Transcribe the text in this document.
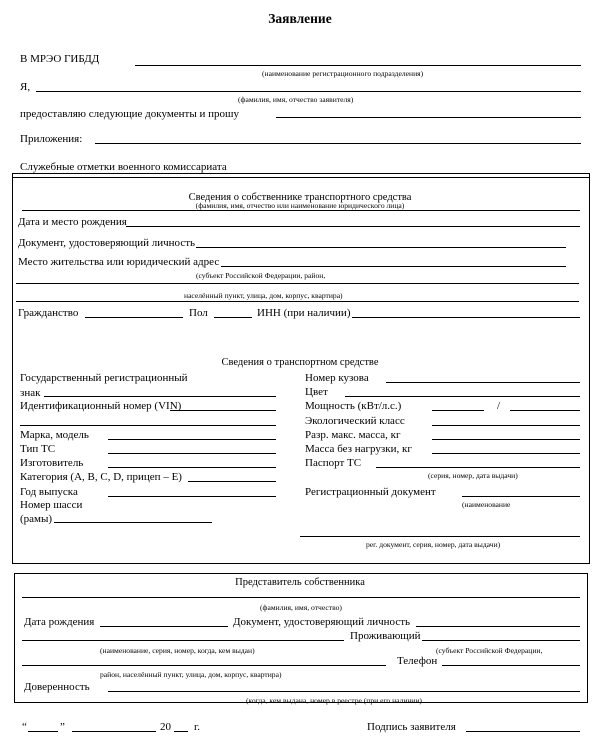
Заявление
В МРЭО ГИБДД
(наименование регистрационного подразделения)
Я,
(фамилия, имя, отчество заявителя)
предоставляю следующие документы и прошу
Приложения:
Служебные отметки военного комиссариата
Сведения о собственнике транспортного средства
(фамилия, имя, отчество или наименование юридического лица)
Дата и место рождения
Документ, удостоверяющий личность
Место жительства или юридический адрес
(субъект Российской Федерации, район,
населённый пункт, улица, дом, корпус, квартира)
Гражданство	Пол	ИНН (при наличии)
Сведения о транспортном средстве
Государственный регистрационный
знак
Идентификационный номер (VIN)
Марка, модель
Тип ТС
Изготовитель
Категория (A, B, C, D, прицеп – E)
Год выпуска
Номер шасси
(рамы)
Номер кузова
Цвет
Мощность (кВт/л.с.)	/
Экологический класс
Разр. макс. масса, кг
Масса без нагрузки, кг
Паспорт ТС
(серия, номер, дата выдачи)
Регистрационный документ
(наименование
рег. документ, серия, номер, дата выдачи)
Представитель собственника
(фамилия, имя, отчество)
Дата рождения	Документ, удостоверяющий личность
Проживающий
(наименование, серия, номер, когда, кем выдан)	(субъект Российской Федерации,
Телефон
район, населённый пункт, улица, дом, корпус, квартира)
Доверенность
(когда, кем выдана, номер в реестре (при его наличии)
“	”	20 г.	Подпись заявителя
